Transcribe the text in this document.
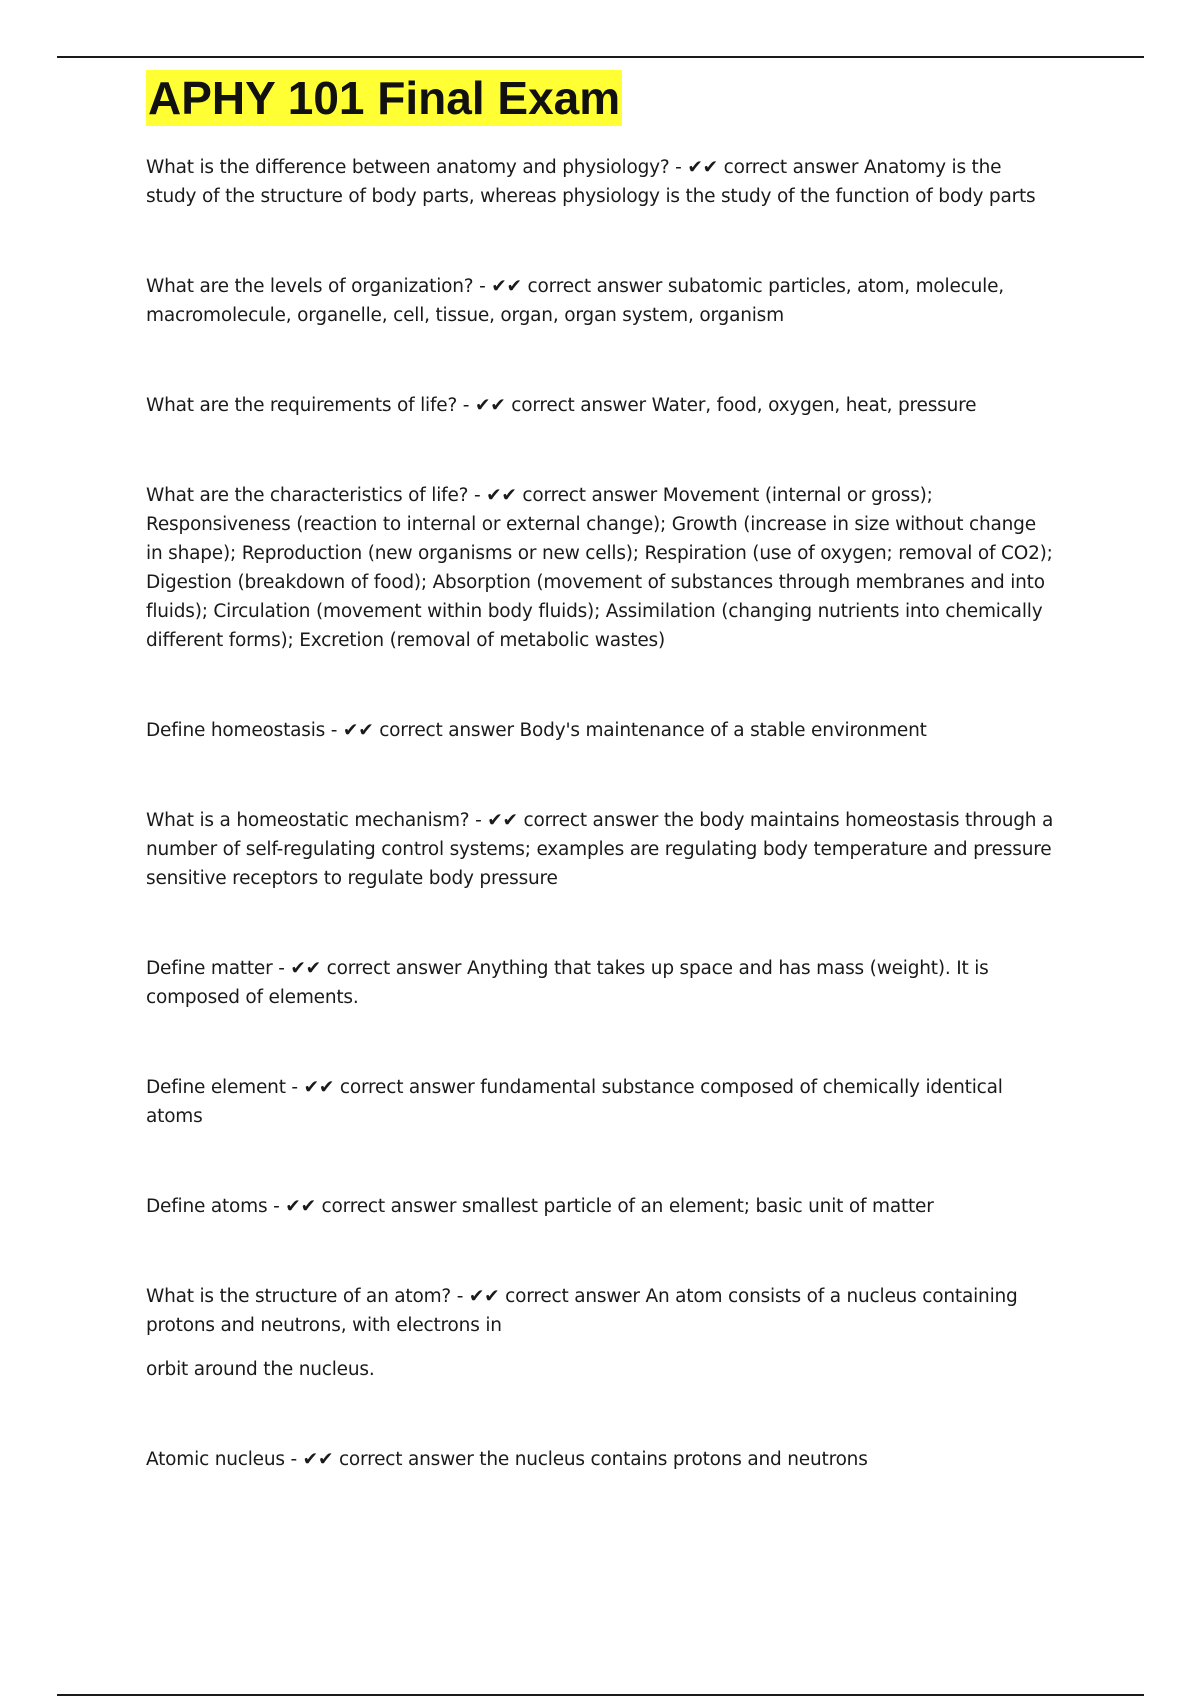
APHY 101 Final Exam

What is the difference between anatomy and physiology? - ✔✔ correct answer Anatomy is the study of the structure of body parts, whereas physiology is the study of the function of body parts

What are the levels of organization? - ✔✔ correct answer subatomic particles, atom, molecule, macromolecule, organelle, cell, tissue, organ, organ system, organism

What are the requirements of life? - ✔✔ correct answer Water, food, oxygen, heat, pressure

What are the characteristics of life? - ✔✔ correct answer Movement (internal or gross); Responsiveness (reaction to internal or external change); Growth (increase in size without change in shape); Reproduction (new organisms or new cells); Respiration (use of oxygen; removal of CO2); Digestion (breakdown of food); Absorption (movement of substances through membranes and into fluids); Circulation (movement within body fluids); Assimilation (changing nutrients into chemically different forms); Excretion (removal of metabolic wastes)

Define homeostasis - ✔✔ correct answer Body's maintenance of a stable environment

What is a homeostatic mechanism? - ✔✔ correct answer the body maintains homeostasis through a number of self-regulating control systems; examples are regulating body temperature and pressure sensitive receptors to regulate body pressure

Define matter - ✔✔ correct answer Anything that takes up space and has mass (weight). It is composed of elements.

Define element - ✔✔ correct answer fundamental substance composed of chemically identical atoms

Define atoms - ✔✔ correct answer smallest particle of an element; basic unit of matter

What is the structure of an atom? - ✔✔ correct answer An atom consists of a nucleus containing protons and neutrons, with electrons in

orbit around the nucleus.

Atomic nucleus - ✔✔ correct answer the nucleus contains protons and neutrons
